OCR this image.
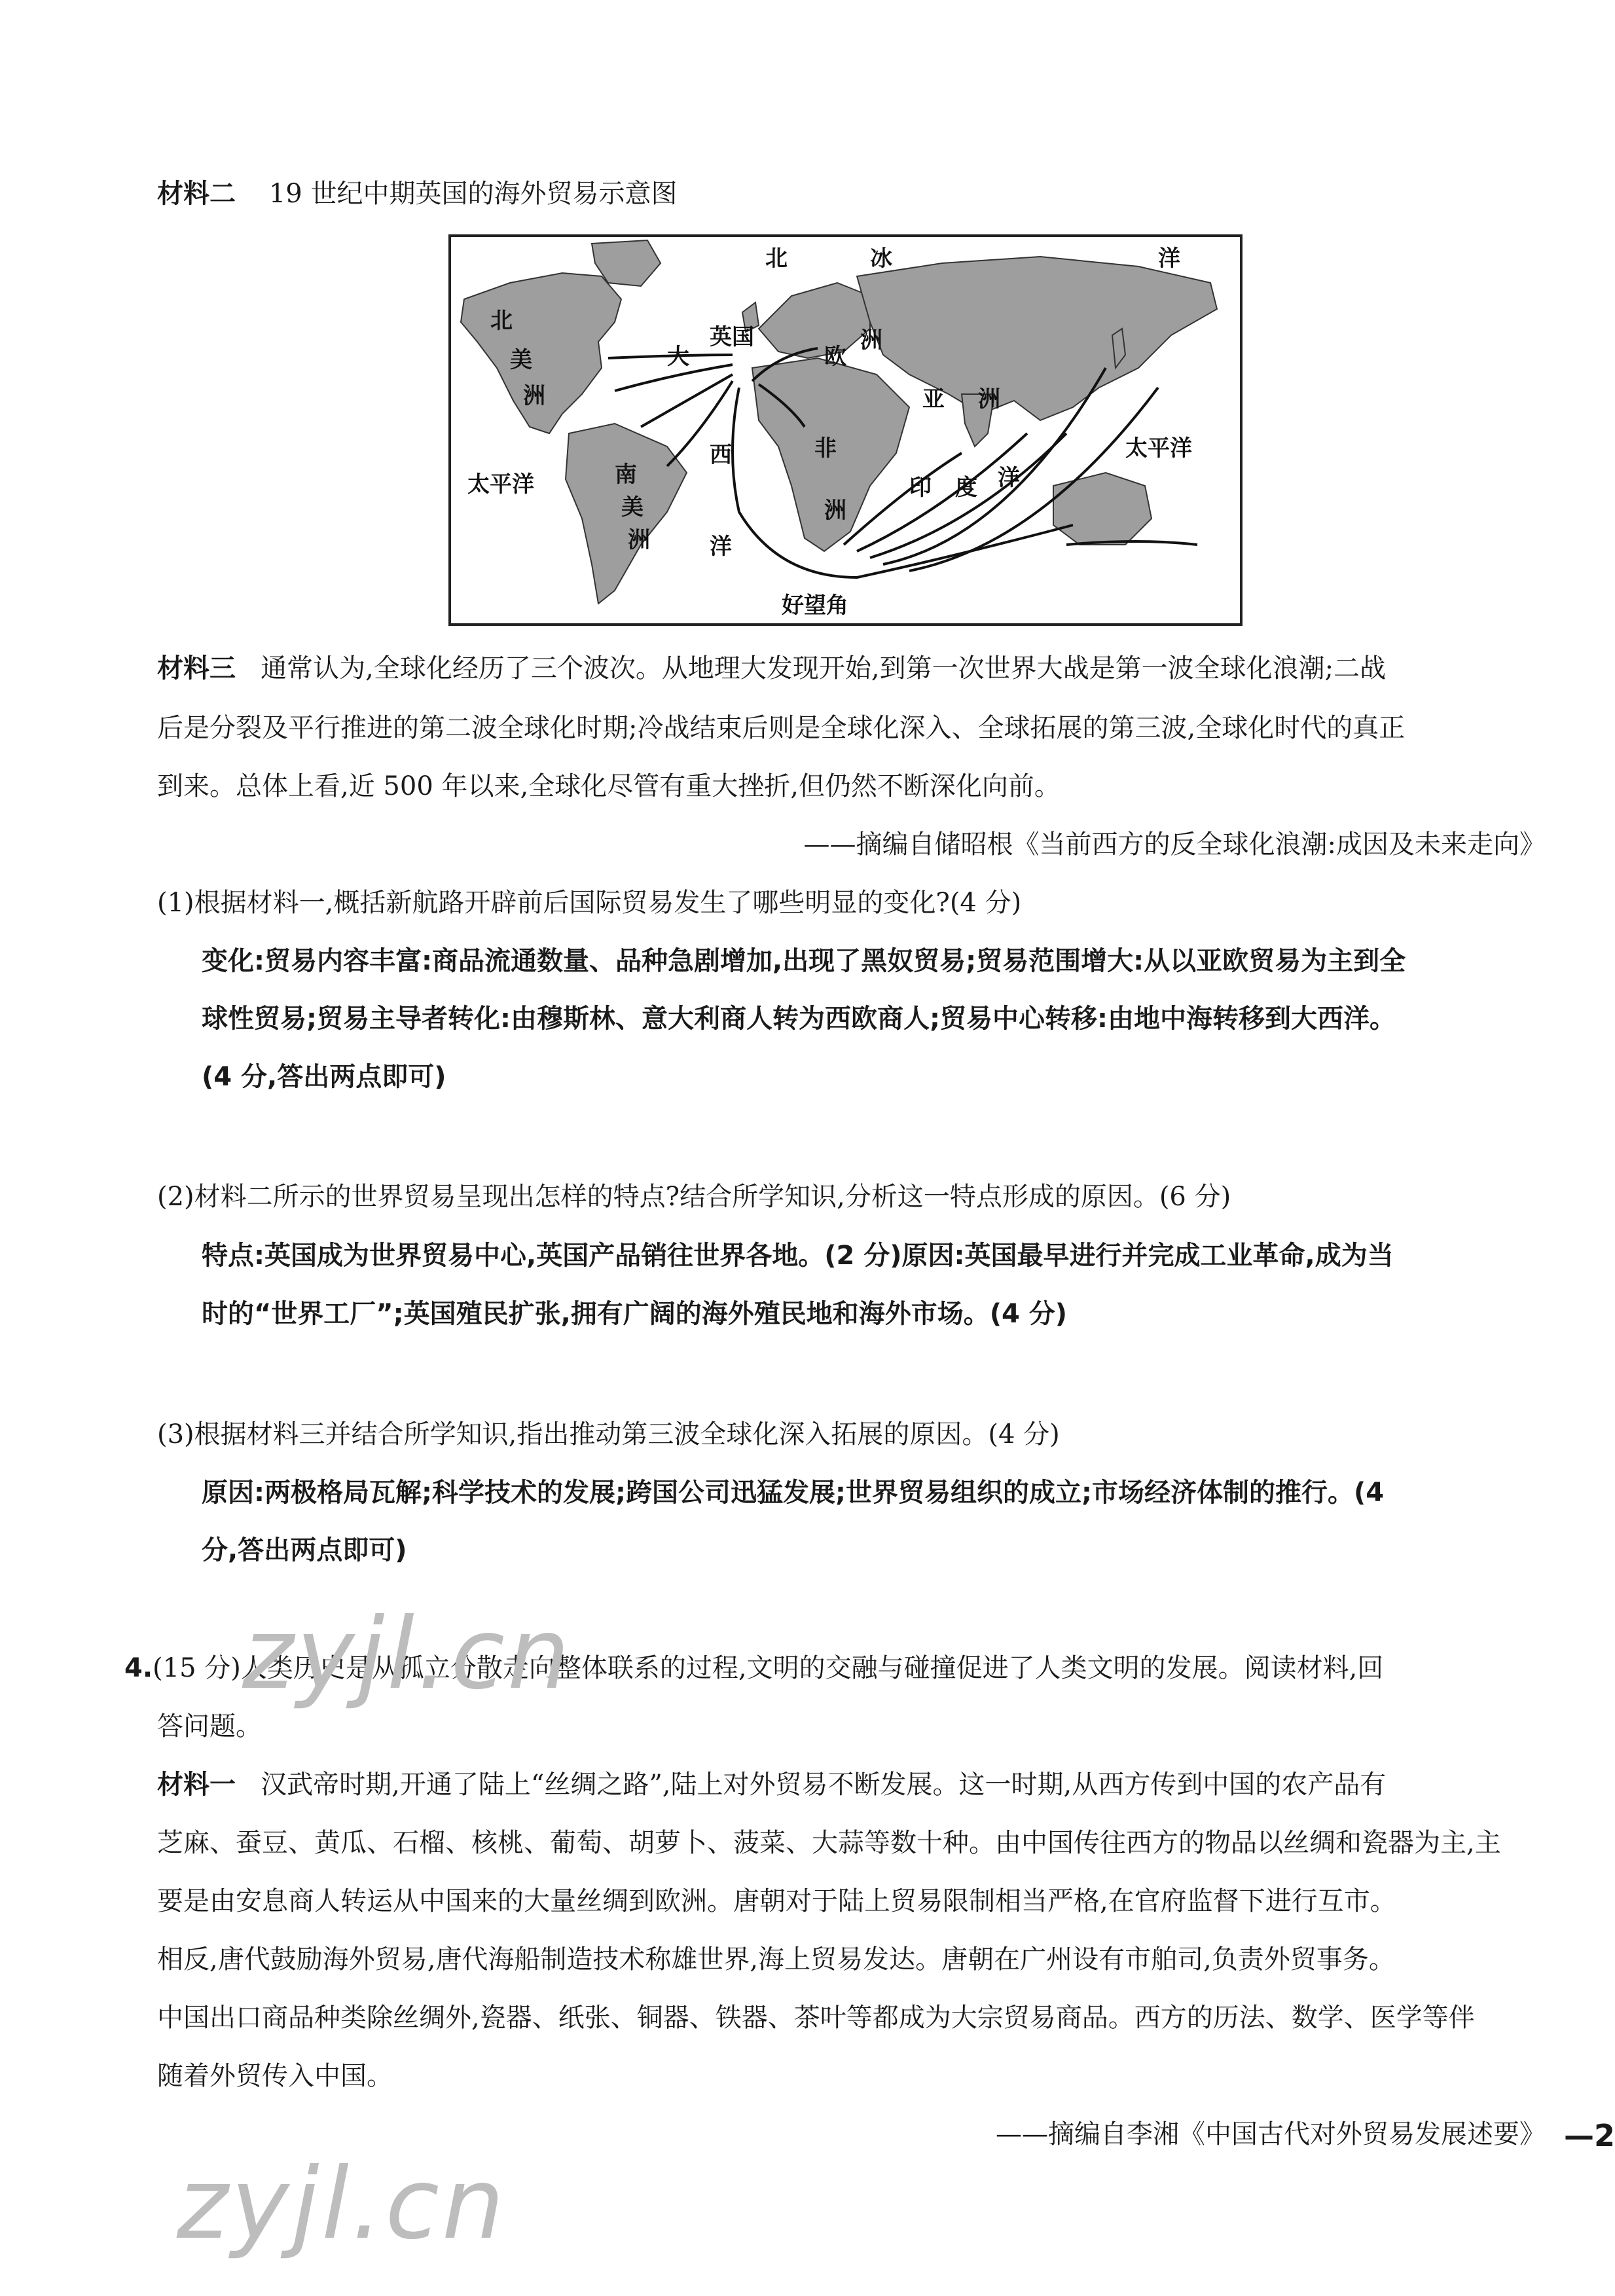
材料二 19 世纪中期英国的海外贸易示意图
北	冰	洋
北
美
洲
大
英国
欧
洲
亚 洲
西	非
洲
南
美
洲	洋
太平洋
太平洋
印 度 洋
好望角
材料三 通常认为,全球化经历了三个波次。从地理大发现开始,到第一次世界大战是第一波全球化浪潮;二战
后是分裂及平行推进的第二波全球化时期;冷战结束后则是全球化深入、全球拓展的第三波,全球化时代的真正
到来。总体上看,近 500 年以来,全球化尽管有重大挫折,但仍然不断深化向前。
——摘编自储昭根《当前西方的反全球化浪潮:成因及未来走向》
(1)根据材料一,概括新航路开辟前后国际贸易发生了哪些明显的变化?(4 分)
变化:贸易内容丰富:商品流通数量、品种急剧增加,出现了黑奴贸易;贸易范围增大:从以亚欧贸易为主到全
球性贸易;贸易主导者转化:由穆斯林、意大利商人转为西欧商人;贸易中心转移:由地中海转移到大西洋。
(4 分,答出两点即可)
(2)材料二所示的世界贸易呈现出怎样的特点?结合所学知识,分析这一特点形成的原因。(6 分)
特点:英国成为世界贸易中心,英国产品销往世界各地。(2 分)原因:英国最早进行并完成工业革命,成为当
时的“世界工厂”;英国殖民扩张,拥有广阔的海外殖民地和海外市场。(4 分)
(3)根据材料三并结合所学知识,指出推动第三波全球化深入拓展的原因。(4 分)
原因:两极格局瓦解;科学技术的发展;跨国公司迅猛发展;世界贸易组织的成立;市场经济体制的推行。(4
分,答出两点即可)
4.(15 分)人类历史是从孤立分散走向整体联系的过程,文明的交融与碰撞促进了人类文明的发展。阅读材料,回
答问题。
材料一 汉武帝时期,开通了陆上“丝绸之路”,陆上对外贸易不断发展。这一时期,从西方传到中国的农产品有
芝麻、蚕豆、黄瓜、石榴、核桃、葡萄、胡萝卜、菠菜、大蒜等数十种。由中国传往西方的物品以丝绸和瓷器为主,主
要是由安息商人转运从中国来的大量丝绸到欧洲。唐朝对于陆上贸易限制相当严格,在官府监督下进行互市。
相反,唐代鼓励海外贸易,唐代海船制造技术称雄世界,海上贸易发达。唐朝在广州设有市舶司,负责外贸事务。
中国出口商品种类除丝绸外,瓷器、纸张、铜器、铁器、茶叶等都成为大宗贸易商品。西方的历法、数学、医学等伴
随着外贸传入中国。
——摘编自李湘《中国古代对外贸易发展述要》
zyjl.cn
zyjl.cn
—2
